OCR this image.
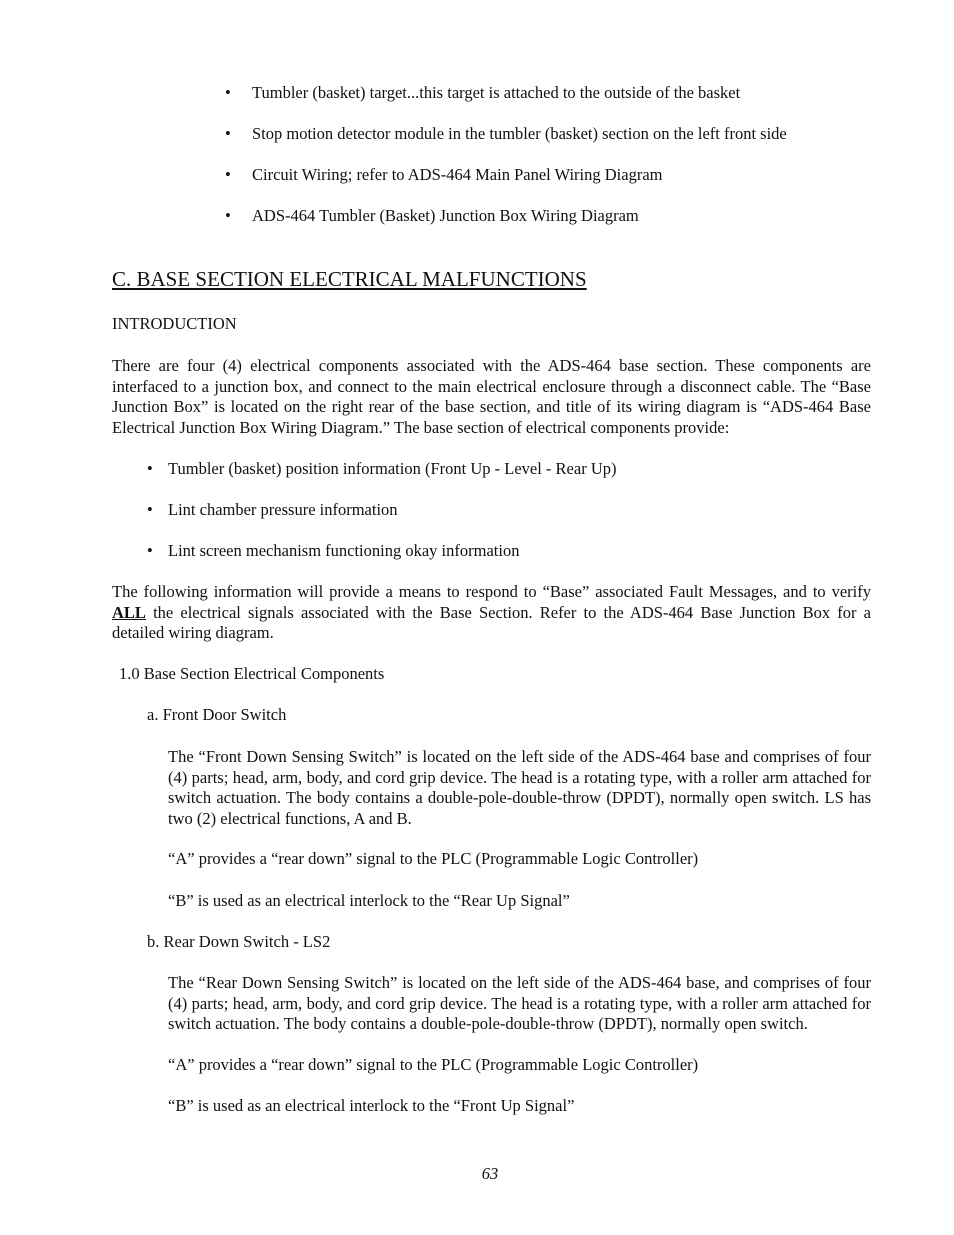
• Tumbler (basket) target...this target is attached to the outside of the basket
• Stop motion detector module in the tumbler (basket) section on the left front side
• Circuit Wiring; refer to ADS-464 Main Panel Wiring Diagram
• ADS-464 Tumbler (Basket) Junction Box Wiring Diagram
C. BASE SECTION ELECTRICAL MALFUNCTIONS
INTRODUCTION
There are four (4) electrical components associated with the ADS-464 base section. These components are interfaced to a junction box, and connect to the main electrical enclosure through a disconnect cable. The “Base Junction Box” is located on the right rear of the base section, and title of its wiring diagram is “ADS-464 Base Electrical Junction Box Wiring Diagram.” The base section of electrical components provide:
• Tumbler (basket) position information (Front Up - Level - Rear Up)
• Lint chamber pressure information
• Lint screen mechanism functioning okay information
The following information will provide a means to respond to “Base” associated Fault Messages, and to verify ALL the electrical signals associated with the Base Section. Refer to the ADS-464 Base Junction Box for a detailed wiring diagram.
1.0 Base Section Electrical Components
a. Front Door Switch
The “Front Down Sensing Switch” is located on the left side of the ADS-464 base and comprises of four (4) parts; head, arm, body, and cord grip device. The head is a rotating type, with a roller arm attached for switch actuation. The body contains a double-pole-double-throw (DPDT), normally open switch. LS has two (2) electrical functions, A and B.
“A” provides a “rear down” signal to the PLC (Programmable Logic Controller)
“B” is used as an electrical interlock to the “Rear Up Signal”
b. Rear Down Switch - LS2
The “Rear Down Sensing Switch” is located on the left side of the ADS-464 base, and comprises of four (4) parts; head, arm, body, and cord grip device. The head is a rotating type, with a roller arm attached for switch actuation. The body contains a double-pole-double-throw (DPDT), normally open switch.
“A” provides a “rear down” signal to the PLC (Programmable Logic Controller)
“B” is used as an electrical interlock to the “Front Up Signal”
63
